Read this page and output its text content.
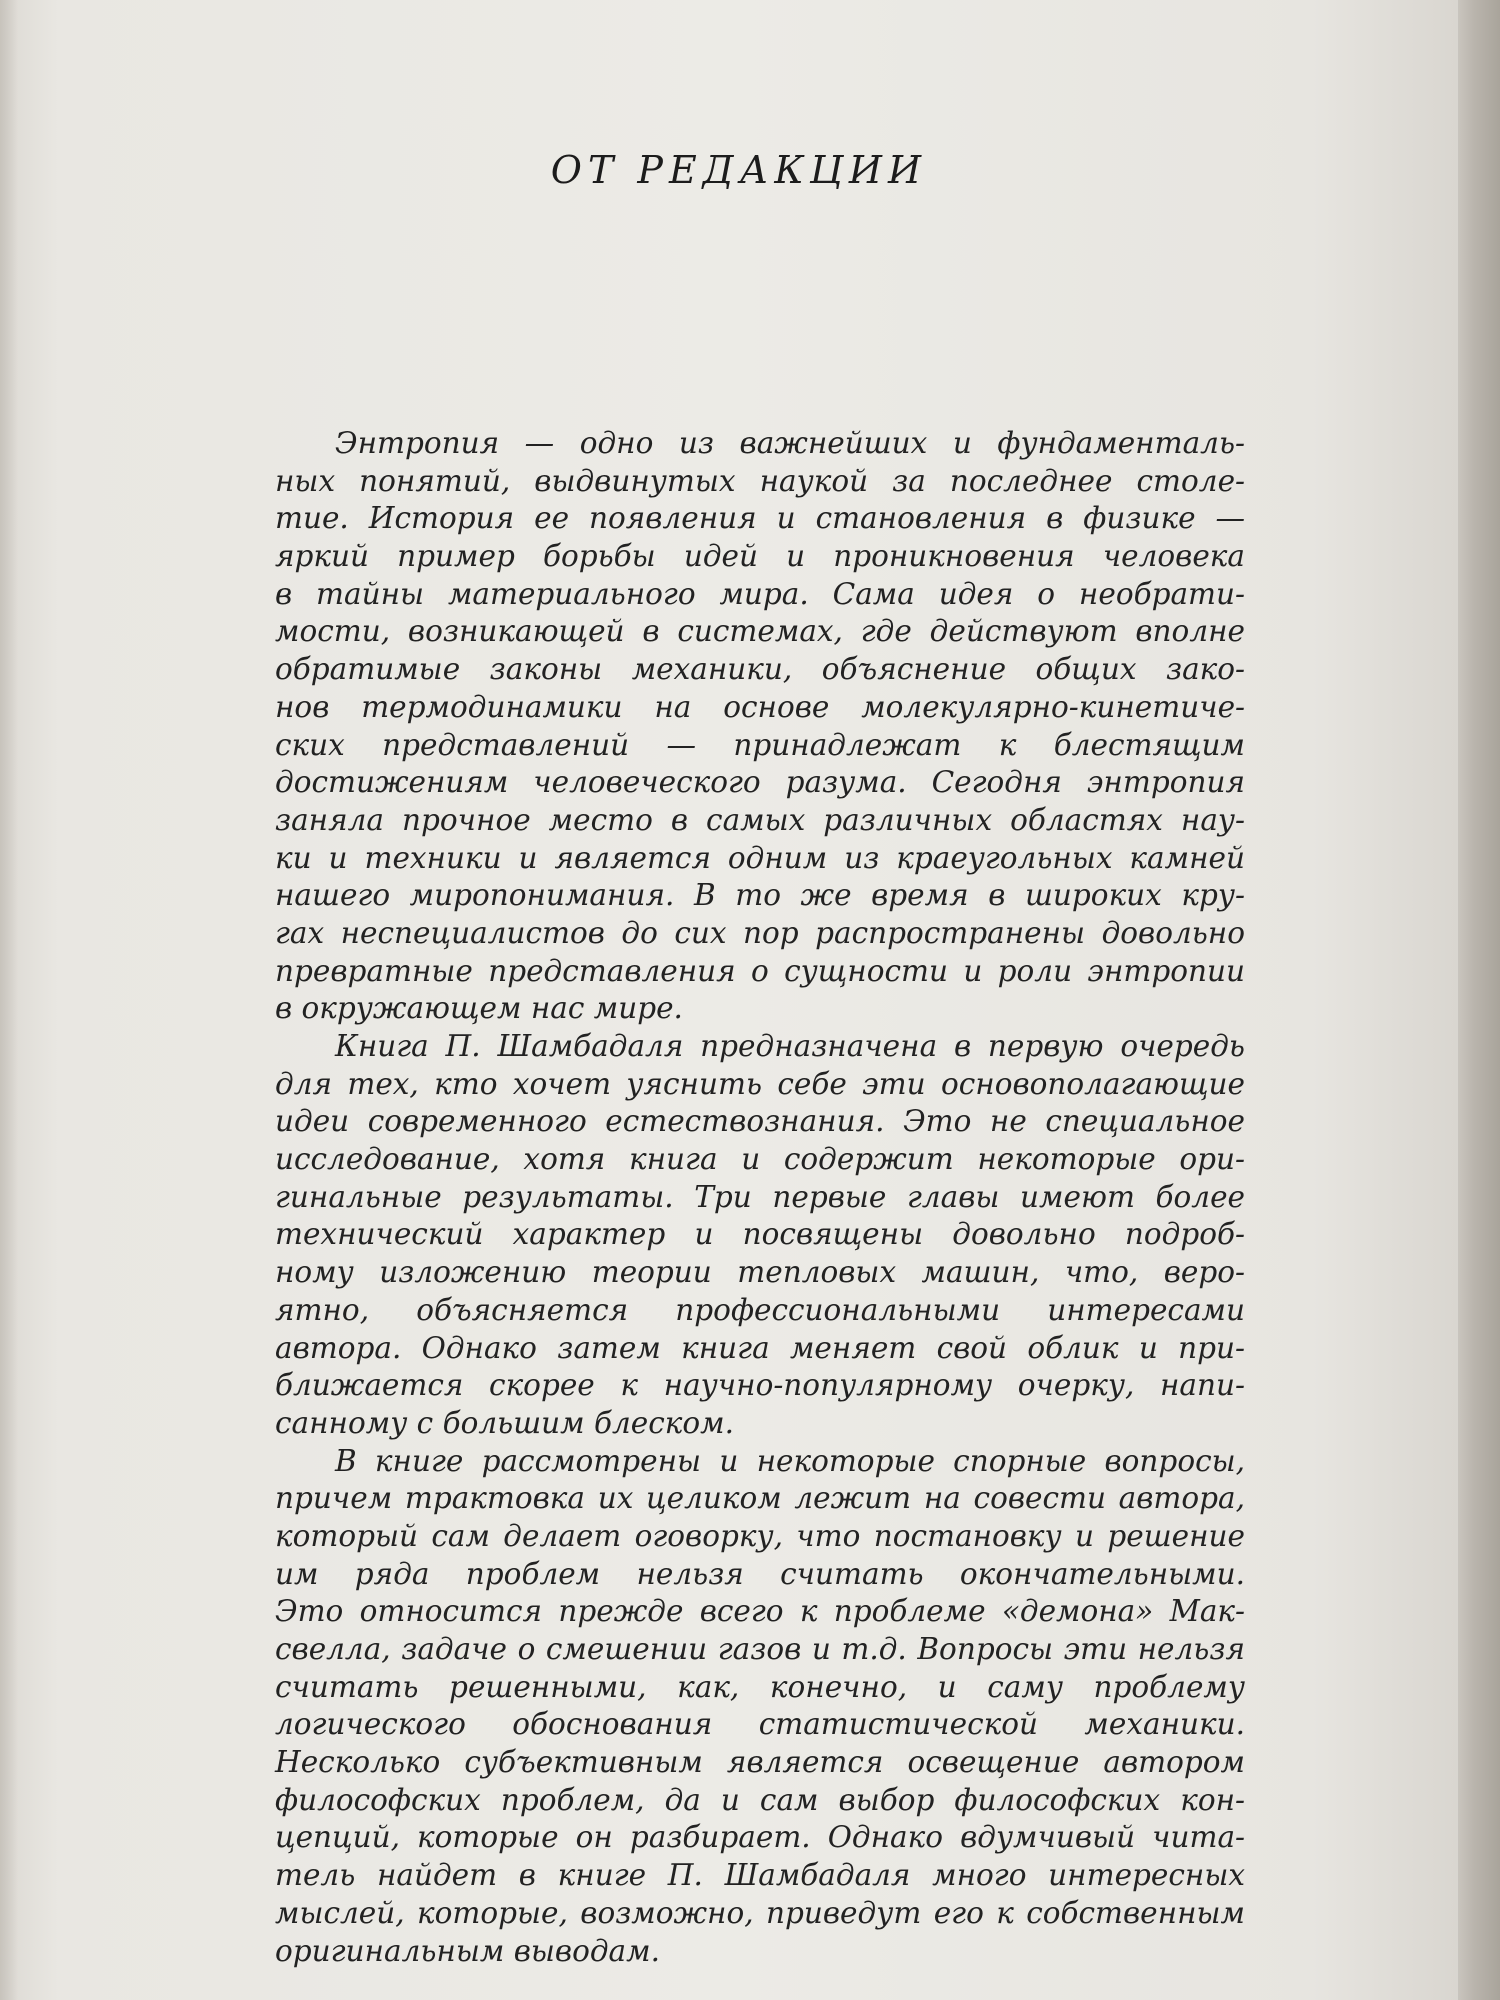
ОТ РЕДАКЦИИ
Энтропия — одно из важнейших и фундаменталь-
ных понятий, выдвинутых наукой за последнее столе-
тие. История ее появления и становления в физике —
яркий пример борьбы идей и проникновения человека
в тайны материального мира. Сама идея о необрати-
мости, возникающей в системах, где действуют вполне
обратимые законы механики, объяснение общих зако-
нов термодинамики на основе молекулярно-кинетиче-
ских представлений — принадлежат к блестящим
достижениям человеческого разума. Сегодня энтропия
заняла прочное место в самых различных областях нау-
ки и техники и является одним из краеугольных камней
нашего миропонимания. В то же время в широких кру-
гах неспециалистов до сих пор распространены довольно
превратные представления о сущности и роли энтропии
в окружающем нас мире.
Книга П. Шамбадаля предназначена в первую очередь
для тех, кто хочет уяснить себе эти основополагающие
идеи современного естествознания. Это не специальное
исследование, хотя книга и содержит некоторые ори-
гинальные результаты. Три первые главы имеют более
технический характер и посвящены довольно подроб-
ному изложению теории тепловых машин, что, веро-
ятно, объясняется профессиональными интересами
автора. Однако затем книга меняет свой облик и при-
ближается скорее к научно-популярному очерку, напи-
санному с большим блеском.
В книге рассмотрены и некоторые спорные вопросы,
причем трактовка их целиком лежит на совести автора,
который сам делает оговорку, что постановку и решение
им ряда проблем нельзя считать окончательными.
Это относится прежде всего к проблеме «демона» Мак-
свелла, задаче о смешении газов и т.д. Вопросы эти нельзя
считать решенными, как, конечно, и саму проблему
логического обоснования статистической механики.
Несколько субъективным является освещение автором
философских проблем, да и сам выбор философских кон-
цепций, которые он разбирает. Однако вдумчивый чита-
тель найдет в книге П. Шамбадаля много интересных
мыслей, которые, возможно, приведут его к собственным
оригинальным выводам.
